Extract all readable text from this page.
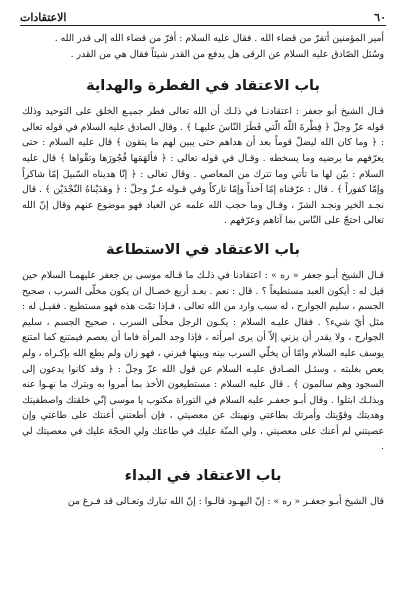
الاعتقادات	٦٠

أمير المؤمنين أتفرّ من قضاء الله . فقال عليه السلام : أفرّ من قضاء الله إلى قدر الله .

وسُئل الصّادق عليه السلام عن الرقى هل يدفع من القدر شيئاً فقال هي من القدر .

باب الاعتقاد في الفطرة والهداية

قـال الشيخ أبو جعفر : اعتقادنـا في ذلـك أن الله تعالى فطر جميـع الخلق على التوحيد وذلك قوله عزّ وجلّ ﴿ فِطْرةَ اللّه الّتي فَطَرَ النّاسَ عليهـا ﴾ . وقال الصادق عليه السلام في قوله تعالى : ﴿ وما كان الله ليضلّ قوماً بعد أن هداهم حتى يبين لهم ما يتقون ﴾ قال عليه السلام : حتى يعرّفهم ما يرضيه وما يسخطه . وقـال في قوله تعالى : ﴿ فألهَمَها فُجُورَها وتقْواها ﴾ قال عليه السلام : بيّن لها ما تأتي وما تترك من المعاصي . وقال تعالى : ﴿ إنّا هديناه السّبيلَ إمّا شاكراً وإمّا كفوراً ﴾ . قال : عرّفناه إمّا آخذاً وإمّا تاركاً وفي قـوله عـزّ وجلّ : ﴿ وهَدَيْناهُ النّجْدَيْن ﴾ . قال نجـد الخير ونجـد الشرّ ، وقـال وما حجب الله علمه عن العباد فهو موضوع عنهم وقال إنّ الله تعالى احتجّ على النّاس بما آتاهم وعرّفهم .

باب الاعتقاد في الاستطاعة

قـال الشيخ أبـو جعفر « ره » : اعتقادنا في ذلـك ما قـاله موسى بن جعفر عليهمـا السلام حين قيل له : أيكون العبد مستطيعاً ؟ . قال : نعم . بعـد أربع خصـال ان يكون مخلّى السرب ، صحيح الجسم ، سليم الجوارح ، له سبب وارد من الله تعالى ، فـإذا تمّت هذه فهو مستطيع . فقيـل له : مثل أيّ شيء؟ . فقال عليـه السلام : يكـون الرجل مخلّى السرب ، صحيح الجسم ، سليم الجوارح ، ولا يقدر أن يزني إلاّ أن يرى امرأته ، فإذا وجد المرأة فاما أن يعصم فيمتنع كما امتنع يوسف عليه السلام وامّا أن يخلّي السرب بينه وبينها فيزني ، فهو زان ولم يطع الله بإكـراه ، ولم يعص بغلبته ، وسئـل الصـادق عليـه السلام عن قول الله عزّ وجلّ : ﴿ وقد كانوا يدعون إلى السجود وهم سالمون ﴾ . قال عليه السلام : مستطيعون الأخذ بما أمروا به وبترك ما نهـوا عنه وبذلـك ابتلوا . وقال أبـو جعفـر عليه السلام في التوراة مكتوب يا موسى إنّي خلقتك واصطفيتك وهديتك وقوّيتك وأمرتك بطاعتي ونهيتك عن معصيتي ، فإن أطعتني أعنتك على طاعتي وإن عصيتني لم أعنك على معصيتي ، ولي المنّة عليك في طاعتك ولي الحجّة عليك في معصيتك لي .

باب الاعتقاد في البداء

قال الشيخ أبـو جعفـر « ره » : إنّ اليهـود قالـوا : إنّ الله تبارك وتعـالى قد فـرغ من
